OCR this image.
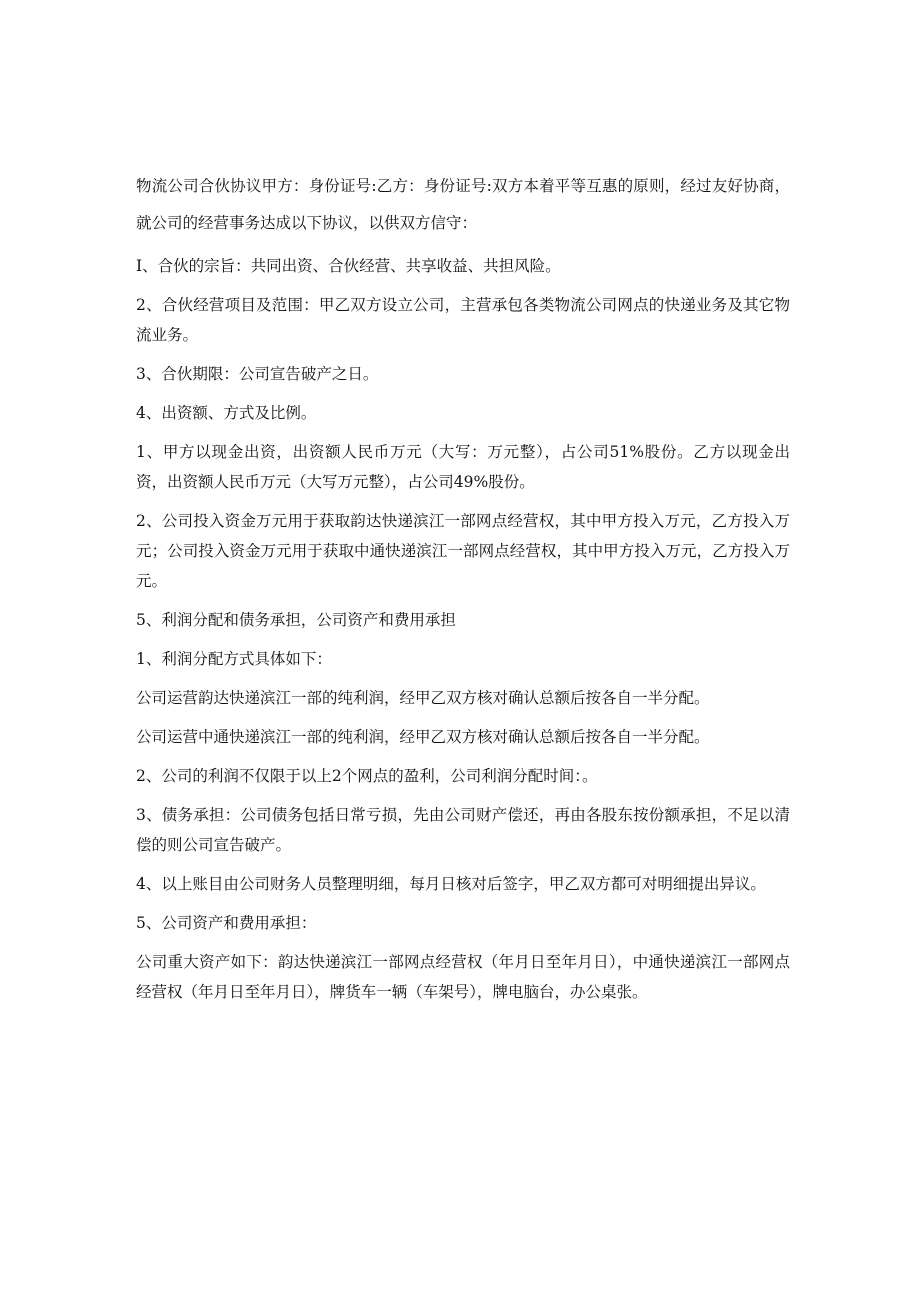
物流公司合伙协议甲方：身份证号:乙方：身份证号:双方本着平等互惠的原则，经过友好协商，就公司的经营事务达成以下协议，以供双方信守：

I、合伙的宗旨：共同出资、合伙经营、共享收益、共担风险。

2、合伙经营项目及范围：甲乙双方设立公司，主营承包各类物流公司网点的快递业务及其它物流业务。

3、合伙期限：公司宣告破产之日。

4、出资额、方式及比例。

1、甲方以现金出资，出资额人民币万元（大写：万元整），占公司51%股份。乙方以现金出资，出资额人民币万元（大写万元整），占公司49%股份。

2、公司投入资金万元用于获取韵达快递滨江一部网点经营权，其中甲方投入万元，乙方投入万元；公司投入资金万元用于获取中通快递滨江一部网点经营权，其中甲方投入万元，乙方投入万元。

5、利润分配和债务承担，公司资产和费用承担

1、利润分配方式具体如下：

公司运营韵达快递滨江一部的纯利润，经甲乙双方核对确认总额后按各自一半分配。

公司运营中通快递滨江一部的纯利润，经甲乙双方核对确认总额后按各自一半分配。

2、公司的利润不仅限于以上2个网点的盈利，公司利润分配时间：。

3、债务承担：公司债务包括日常亏损，先由公司财产偿还，再由各股东按份额承担，不足以清偿的则公司宣告破产。

4、以上账目由公司财务人员整理明细，每月日核对后签字，甲乙双方都可对明细提出异议。

5、公司资产和费用承担：

公司重大资产如下：韵达快递滨江一部网点经营权（年月日至年月日），中通快递滨江一部网点经营权（年月日至年月日），牌货车一辆（车架号），牌电脑台，办公桌张。
